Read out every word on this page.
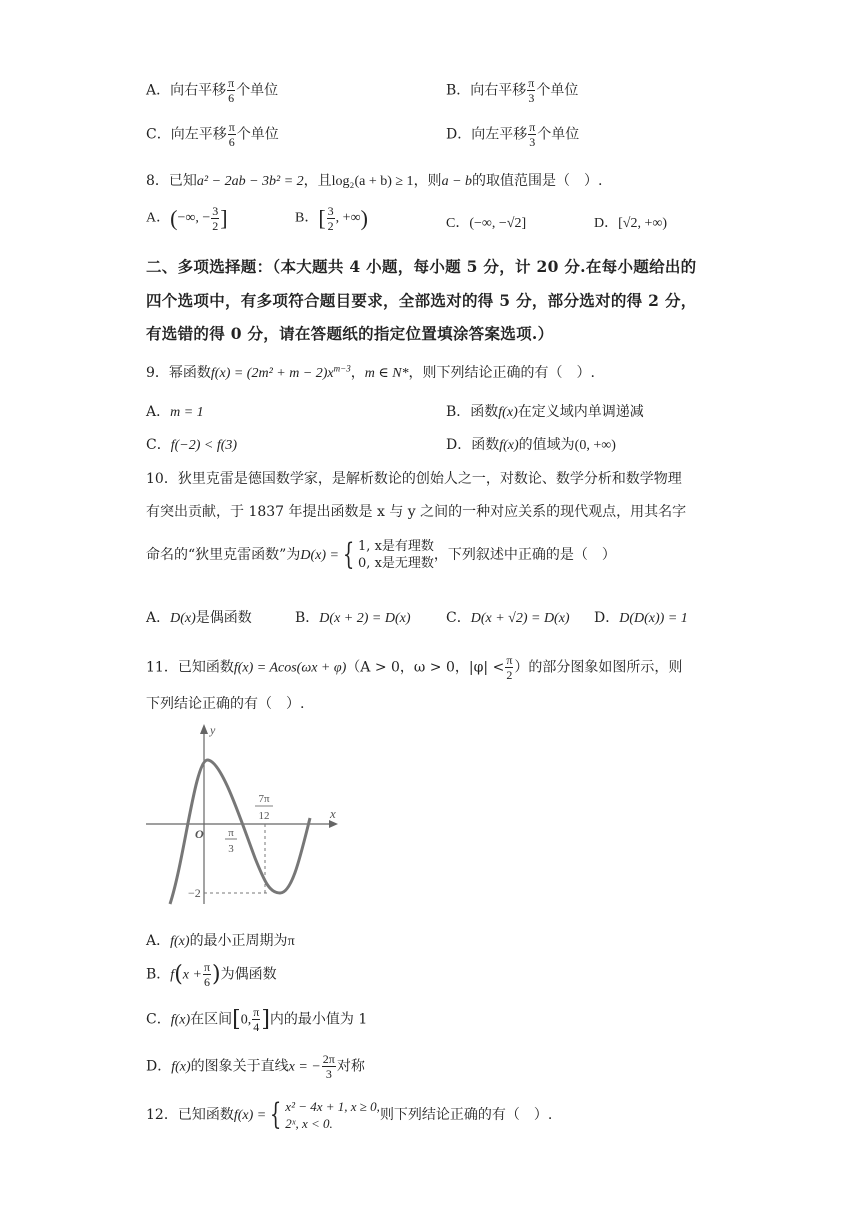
A．向右平移 $\frac{\pi}{6}$ 个单位	B．向右平移 $\frac{\pi}{3}$ 个单位
C．向左平移 $\frac{\pi}{6}$ 个单位	D．向左平移 $\frac{\pi}{3}$ 个单位
8．已知a² − 2ab − 3b² = 2，且log₂(a + b) ≥ 1，则a − b的取值范围是（　）.
A．(−∞, − $\frac{3}{2}$ ]	B．[ $\frac{3}{2}$ , +∞)	C．(−∞, −√2]	D．[√2, +∞)
二、多项选择题：（本大题共 4 小题，每小题 5 分，计 20 分.在每小题给出的
四个选项中，有多项符合题目要求，全部选对的得 5 分，部分选对的得 2 分，
有选错的得 0 分，请在答题纸的指定位置填涂答案选项.）
9．幂函数$f(x) = (2m^2 + m - 2)x^{m-3}$，m ∈ N*，则下列结论正确的有（　）.
A．m = 1	B．函数f(x)在定义域内单调递减
C．f(−2) < f(3)	D．函数f(x)的值域为(0, +∞)
10．狄里克雷是德国数学家，是解析数论的创始人之一，对数论、数学分析和数学物理
有突出贡献，于 1837 年提出函数是 x 与 y 之间的一种对应关系的现代观点，用其名字
命名的“狄里克雷函数”为D(x) = { 1, x是有理数
0, x是无理数
，下列叙述中正确的是（　）
A．D(x)是偶函数	B．D(x + 2) = D(x)	C．D(x + √2) = D(x) D．D(D(x)) = 1
11．已知函数f(x) = Acos(ωx + φ)（A > 0，ω > 0，$|\varphi| < \frac{\pi}{2}$ ）的部分图象如图所示，则
下列结论正确的有（　）.
y
x
O π
3
7π
12
−2
A．f(x)的最小正周期为π
B．$f(x + \frac{\pi}{6}$ )为偶函数
C．f(x)在区间[0, $\frac{\pi}{4}$ ]内的最小值为 1
D．f(x)的图象关于直线x = − $\frac{2\pi}{3}$ 对称
12．已知函数f(x) = { x² − 4x + 1, x ≥ 0,
2ˣ, x < 0.
则下列结论正确的有（　）.
